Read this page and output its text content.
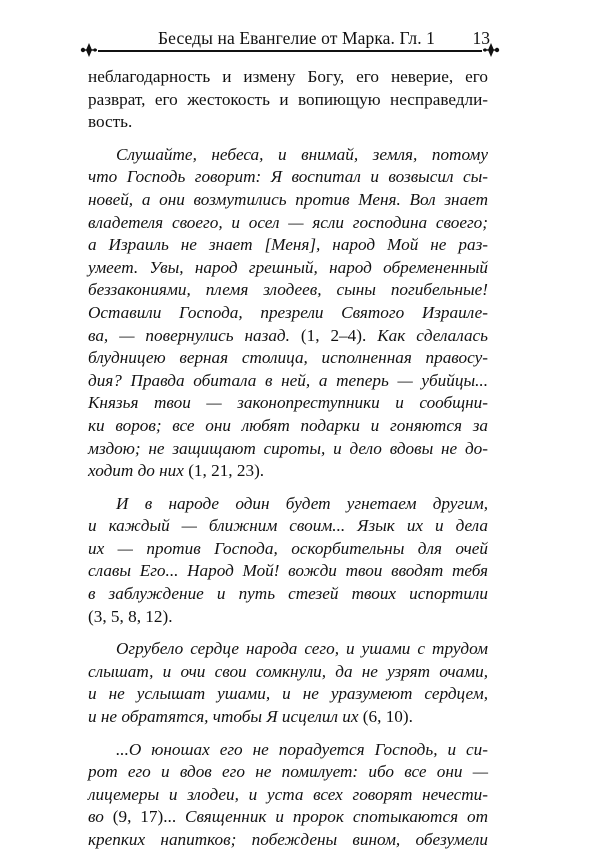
Беседы на Евангелие от Марка. Гл. 1 13
неблагодарность и измену Богу, его неверие, его
разврат, его жестокость и вопиющую несправедли-
вость.
Слушайте, небеса, и внимай, земля, потому
что Господь говорит: Я воспитал и возвысил сы-
новей, а они возмутились против Меня. Вол знает
владетеля своего, и осел — ясли господина своего;
а Израиль не знает [Меня], народ Мой не раз-
умеет. Увы, народ грешный, народ обремененный
беззакониями, племя злодеев, сыны погибельные!
Оставили Господа, презрели Святого Израиле-
ва, — повернулись назад. (1, 2–4). Как сделалась
блудницею верная столица, исполненная правосу-
дия? Правда обитала в ней, а теперь — убийцы...
Князья твои — законопреступники и сообщни-
ки воров; все они любят подарки и гоняются за
мздою; не защищают сироты, и дело вдовы не до-
ходит до них (1, 21, 23).
И в народе один будет угнетаем другим,
и каждый — ближним своим... Язык их и дела
их — против Господа, оскорбительны для очей
славы Его... Народ Мой! вожди твои вводят тебя
в заблуждение и путь стезей твоих испортили
(3, 5, 8, 12).
Огрубело сердце народа сего, и ушами с трудом
слышат, и очи свои сомкнули, да не узрят очами,
и не услышат ушами, и не уразумеют сердцем,
и не обратятся, чтобы Я исцелил их (6, 10).
...О юношах его не порадуется Господь, и си-
рот его и вдов его не помилует: ибо все они —
лицемеры и злодеи, и уста всех говорят нечести-
во (9, 17)... Священник и пророк спотыкаются от
крепких напитков; побеждены вином, обезумели
